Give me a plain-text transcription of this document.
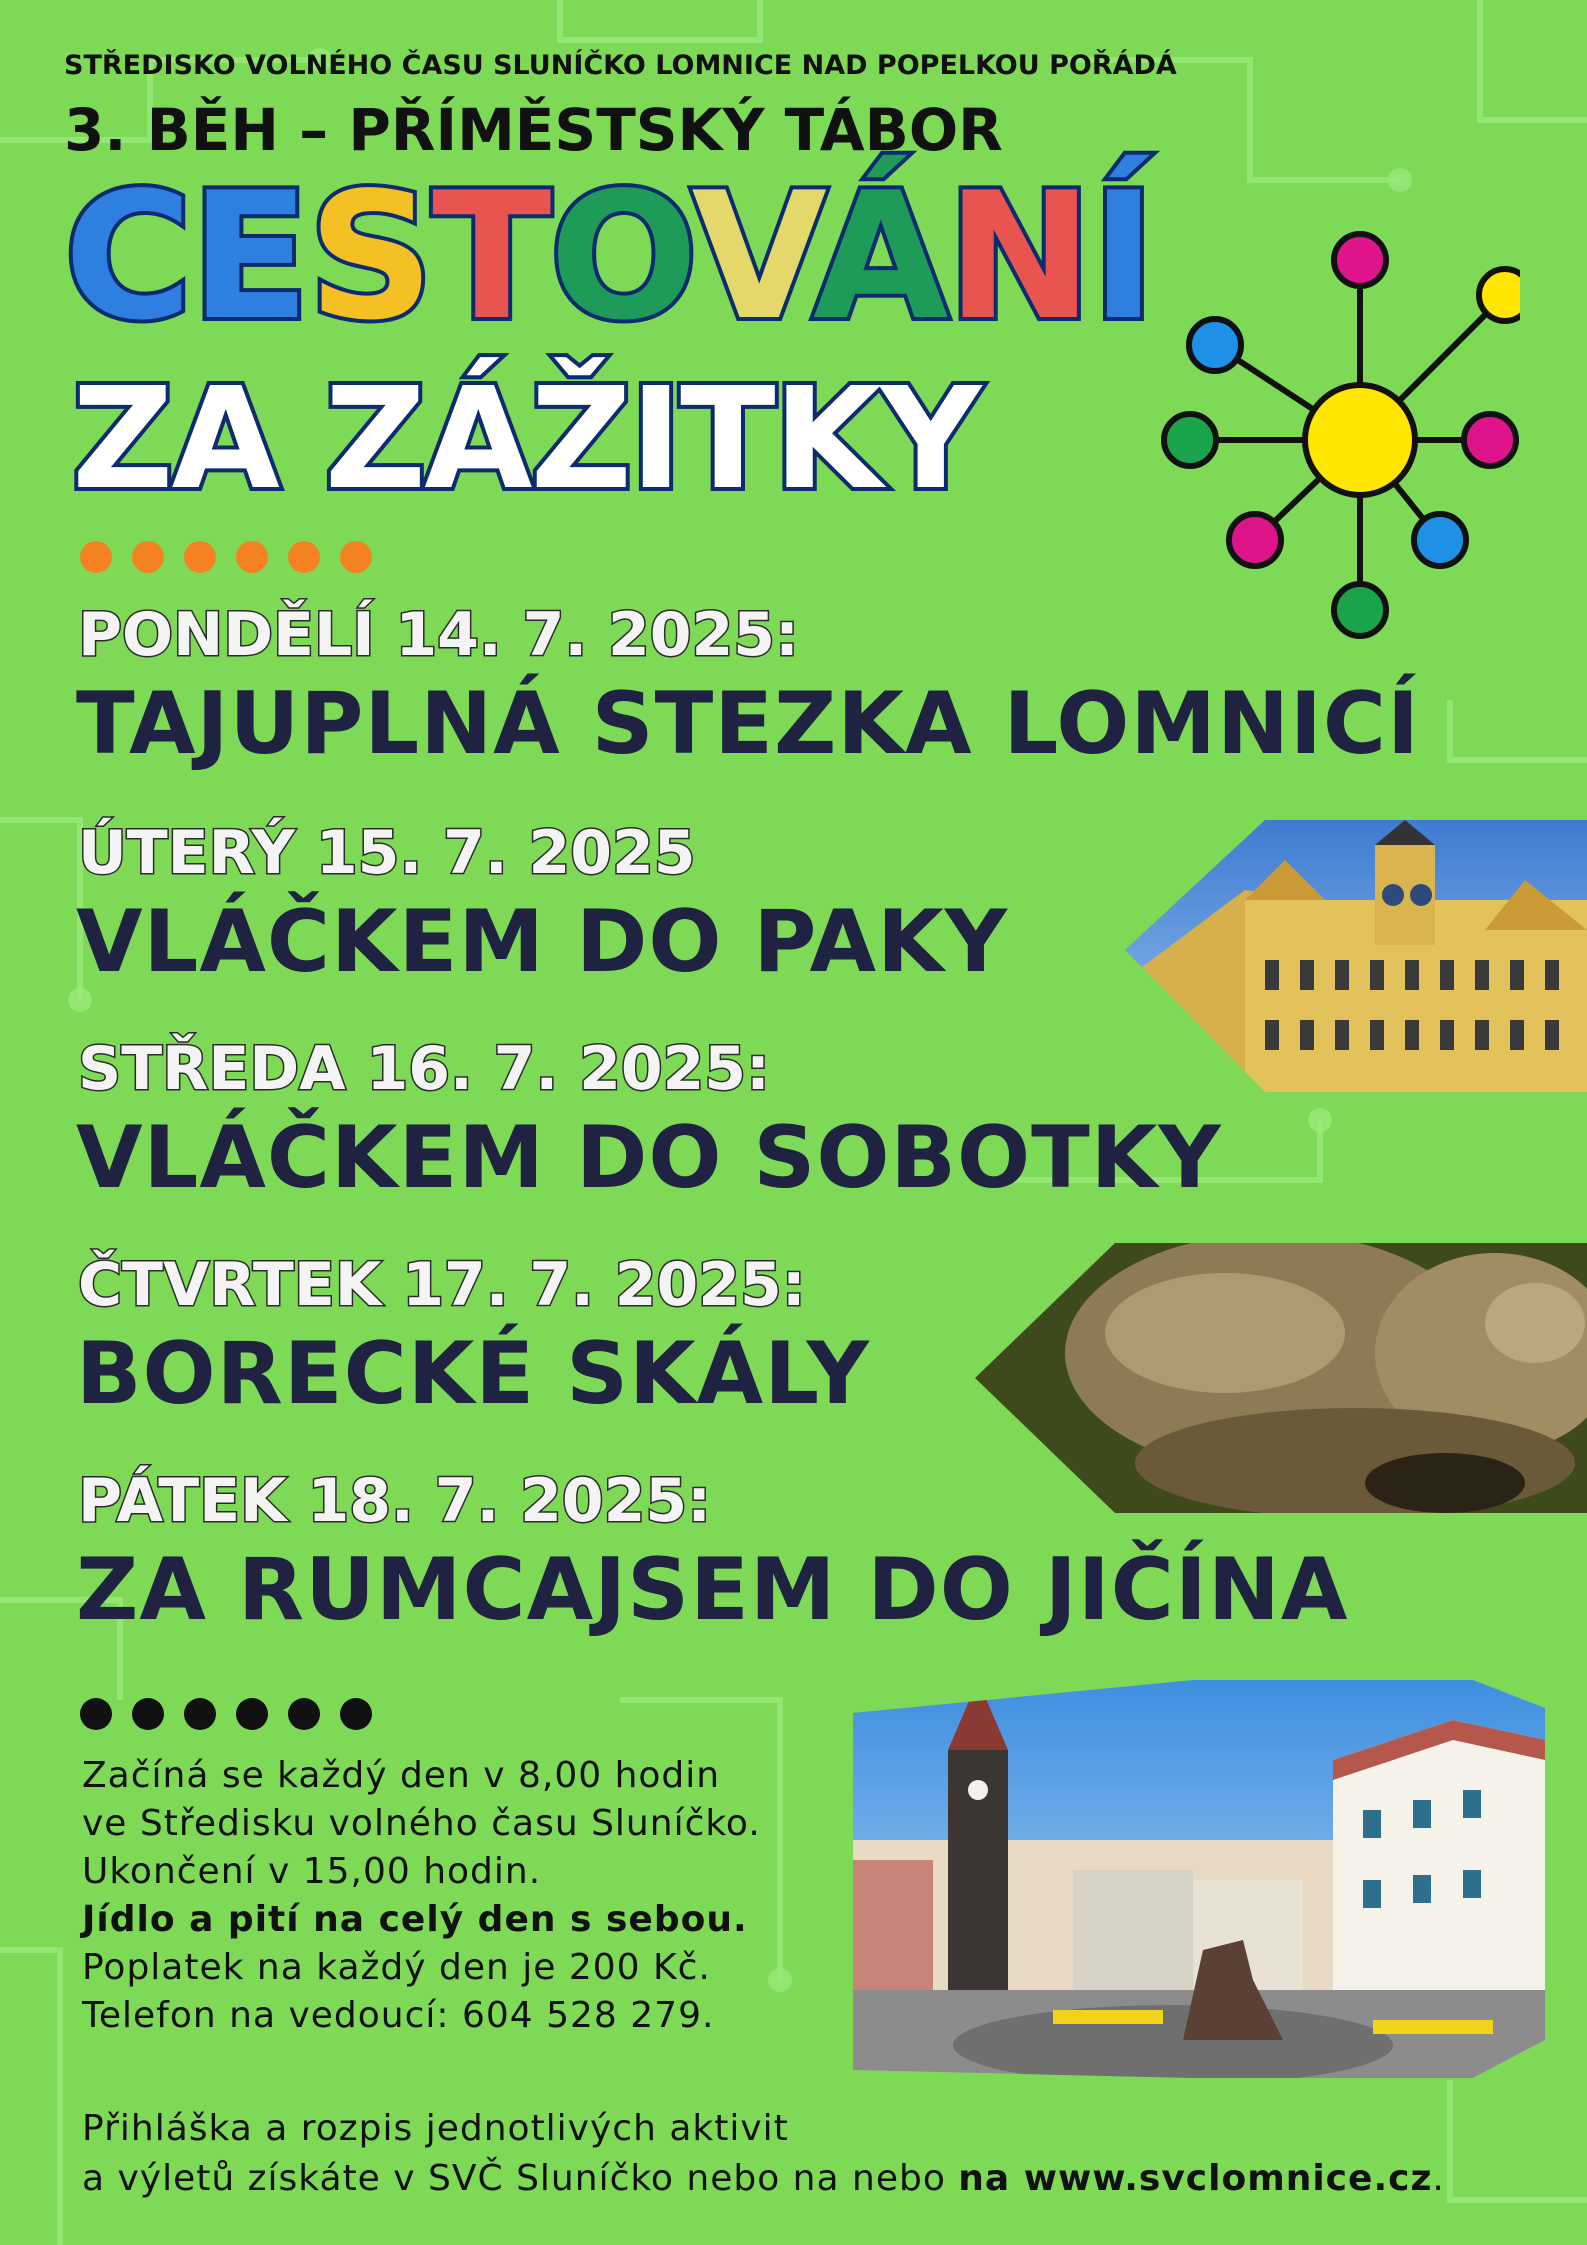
STŘEDISKO VOLNÉHO ČASU SLUNÍČKO LOMNICE NAD POPELKOU POŘÁDÁ
3. BĚH – PŘÍMĚSTSKÝ TÁBOR
CESTOVÁNÍ
ZA ZÁŽITKY
PONDĚLÍ 14. 7. 2025:
TAJUPLNÁ STEZKA LOMNICÍ
ÚTERÝ 15. 7. 2025
VLÁČKEM DO PAKY
STŘEDA 16. 7. 2025:
VLÁČKEM DO SOBOTKY
ČTVRTEK 17. 7. 2025:
BORECKÉ SKÁLY
PÁTEK 18. 7. 2025:
ZA RUMCAJSEM DO JIČÍNA
Začíná se každý den v 8,00 hodin
ve Středisku volného času Sluníčko.
Ukončení v 15,00 hodin.
Jídlo a pití na celý den s sebou.
Poplatek na každý den je 200 Kč.
Telefon na vedoucí: 604 528 279.
Přihláška a rozpis jednotlivých aktivit
a výletů získáte v SVČ Sluníčko nebo na nebo na www.svclomnice.cz.
